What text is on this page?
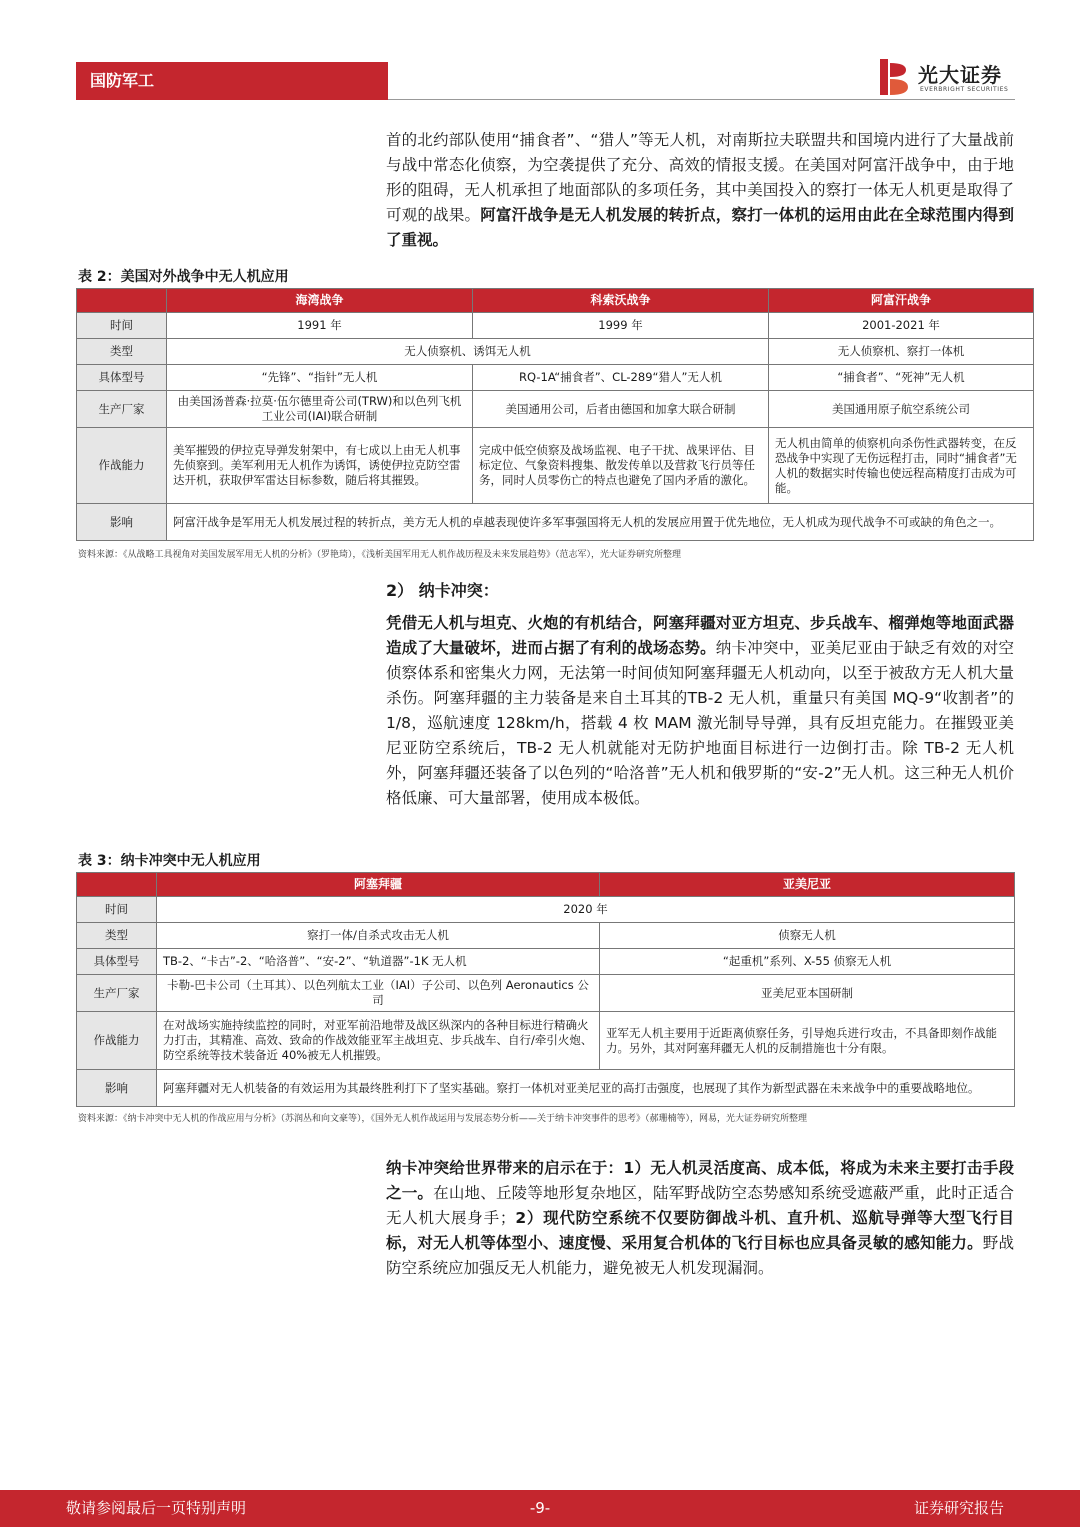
国防军工	光大证券
EVERBRIGHT SECURITIES

首的北约部队使用“捕食者”、“猎人”等无人机，对南斯拉夫联盟共和国境内进行了大量战前与战中常态化侦察，为空袭提供了充分、高效的情报支援。在美国对阿富汗战争中，由于地形的阻碍，无人机承担了地面部队的多项任务，其中美国投入的察打一体无人机更是取得了可观的战果。阿富汗战争是无人机发展的转折点，察打一体机的运用由此在全球范围内得到了重视。

表 2：美国对外战争中无人机应用
	海湾战争	科索沃战争	阿富汗战争
时间	1991 年	1999 年	2001-2021 年
类型	无人侦察机、诱饵无人机		无人侦察机、察打一体机
具体型号	“先锋”、“指针”无人机	RQ-1A“捕食者”、CL-289“猎人”无人机	“捕食者”、“死神”无人机
生产厂家	由美国汤普森·拉莫·伍尔德里奇公司(TRW)和以色列飞机工业公司(IAI)联合研制	美国通用公司，后者由德国和加拿大联合研制	美国通用原子航空系统公司
作战能力	美军摧毁的伊拉克导弹发射架中，有七成以上由无人机事先侦察到。美军利用无人机作为诱饵，诱使伊拉克防空雷达开机，获取伊军雷达目标参数，随后将其摧毁。	完成中低空侦察及战场监视、电子干扰、战果评估、目标定位、气象资料搜集、散发传单以及营救飞行员等任务，同时人员零伤亡的特点也避免了国内矛盾的激化。	无人机由简单的侦察机向杀伤性武器转变，在反恐战争中实现了无伤远程打击，同时“捕食者”无人机的数据实时传输也使远程高精度打击成为可能。
影响	阿富汗战争是军用无人机发展过程的转折点，美方无人机的卓越表现使许多军事强国将无人机的发展应用置于优先地位，无人机成为现代战争不可或缺的角色之一。		
资料来源：《从战略工具视角对美国发展军用无人机的分析》（罗艳琦），《浅析美国军用无人机作战历程及未来发展趋势》（范志军），光大证券研究所整理
2） 纳卡冲突：

凭借无人机与坦克、火炮的有机结合，阿塞拜疆对亚方坦克、步兵战车、榴弹炮等地面武器造成了大量破坏，进而占据了有利的战场态势。纳卡冲突中，亚美尼亚由于缺乏有效的对空侦察体系和密集火力网，无法第一时间侦知阿塞拜疆无人机动向，以至于被敌方无人机大量杀伤。阿塞拜疆的主力装备是来自土耳其的TB-2 无人机，重量只有美国 MQ-9“收割者”的 1/8，巡航速度 128km/h，搭载 4 枚 MAM 激光制导导弹，具有反坦克能力。在摧毁亚美尼亚防空系统后，TB-2 无人机就能对无防护地面目标进行一边倒打击。除 TB-2 无人机外，阿塞拜疆还装备了以色列的“哈洛普”无人机和俄罗斯的“安-2”无人机。这三种无人机价格低廉、可大量部署，使用成本极低。

表 3：纳卡冲突中无人机应用
	阿塞拜疆	亚美尼亚
时间	2020 年	
类型	察打一体/自杀式攻击无人机	侦察无人机
具体型号	TB-2、“卡古”-2、“哈洛普”、“安-2”、“轨道器”-1K 无人机	“起重机”系列、X-55 侦察无人机
生产厂家	卡勒-巴卡公司（土耳其）、以色列航太工业（IAI）子公司、以色列 Aeronautics 公司	亚美尼亚本国研制
作战能力	在对战场实施持续监控的同时，对亚军前沿地带及战区纵深内的各种目标进行精确火力打击，其精准、高效、致命的作战效能亚军主战坦克、步兵战车、自行/牵引火炮、防空系统等技术装备近 40%被无人机摧毁。	亚军无人机主要用于近距离侦察任务，引导炮兵进行攻击，不具备即刻作战能力。另外，其对阿塞拜疆无人机的反制措施也十分有限。
影响	阿塞拜疆对无人机装备的有效运用为其最终胜利打下了坚实基础。察打一体机对亚美尼亚的高打击强度，也展现了其作为新型武器在未来战争中的重要战略地位。	
资料来源：《纳卡冲突中无人机的作战应用与分析》（苏润丛和向文豪等），《国外无人机作战运用与发展态势分析——关于纳卡冲突事件的思考》（郝珊楠等），网易，光大证券研究所整理

纳卡冲突给世界带来的启示在于：1）无人机灵活度高、成本低，将成为未来主要打击手段之一。在山地、丘陵等地形复杂地区，陆军野战防空态势感知系统受遮蔽严重，此时正适合无人机大展身手；2）现代防空系统不仅要防御战斗机、直升机、巡航导弹等大型飞行目标，对无人机等体型小、速度慢、采用复合机体的飞行目标也应具备灵敏的感知能力。野战防空系统应加强反无人机能力，避免被无人机发现漏洞。

-9-
敬请参阅最后一页特别声明	证券研究报告
